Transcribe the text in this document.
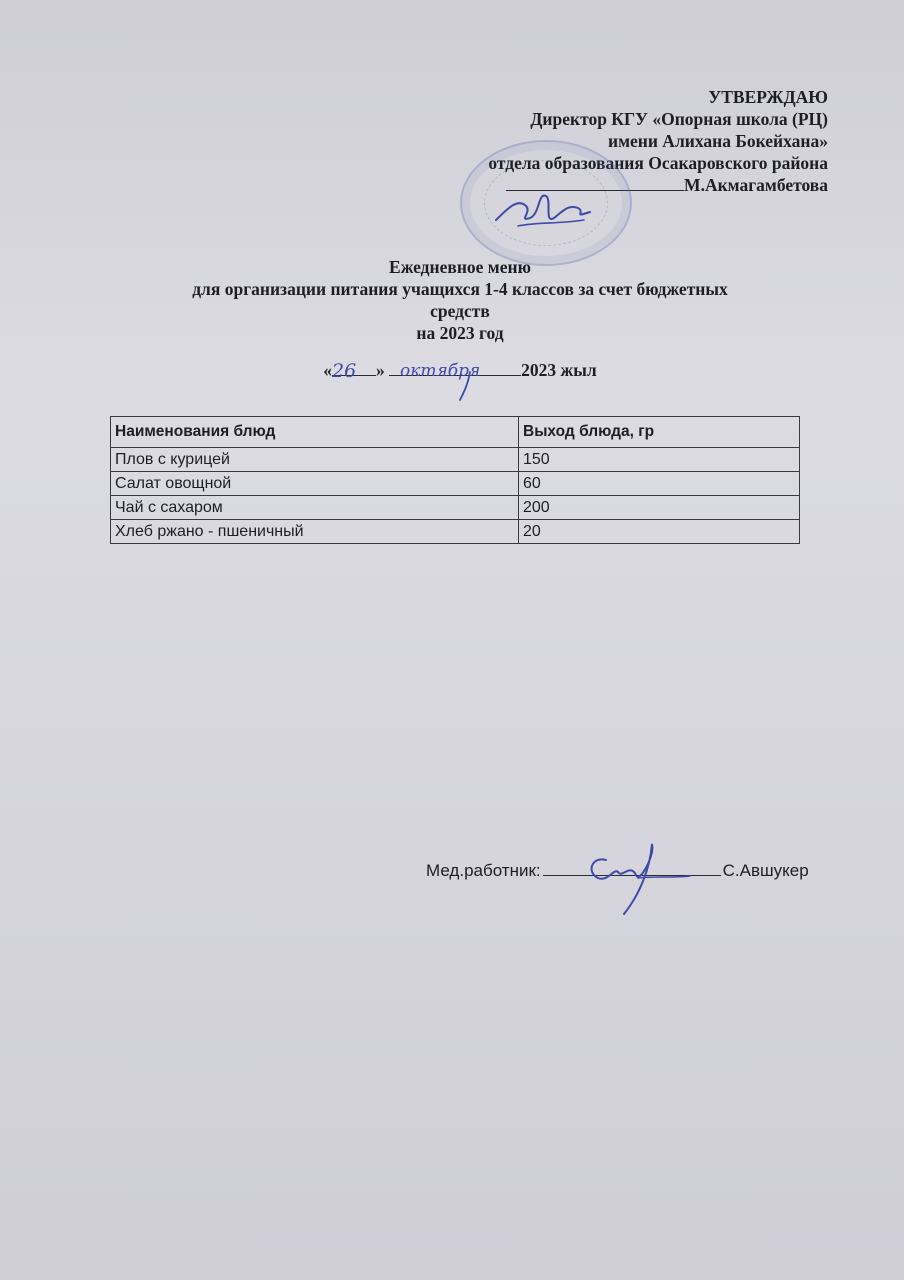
УТВЕРЖДАЮ
Директор КГУ «Опорная школа (РЦ)
имени Алихана Бокейхана»
отдела образования Осакаровского района
М.Акмагамбетова
Ежедневное меню
для организации питания учащихся 1-4 классов за счет бюджетных
средств
на 2023 год
«	»	2023 жыл
26	октября
Наименования блюд	Выход блюда, гр
Плов с курицей	150
Салат овощной	60
Чай с сахаром	200
Хлеб ржано - пшеничный	20
Мед.работник:	С.Авшукер
